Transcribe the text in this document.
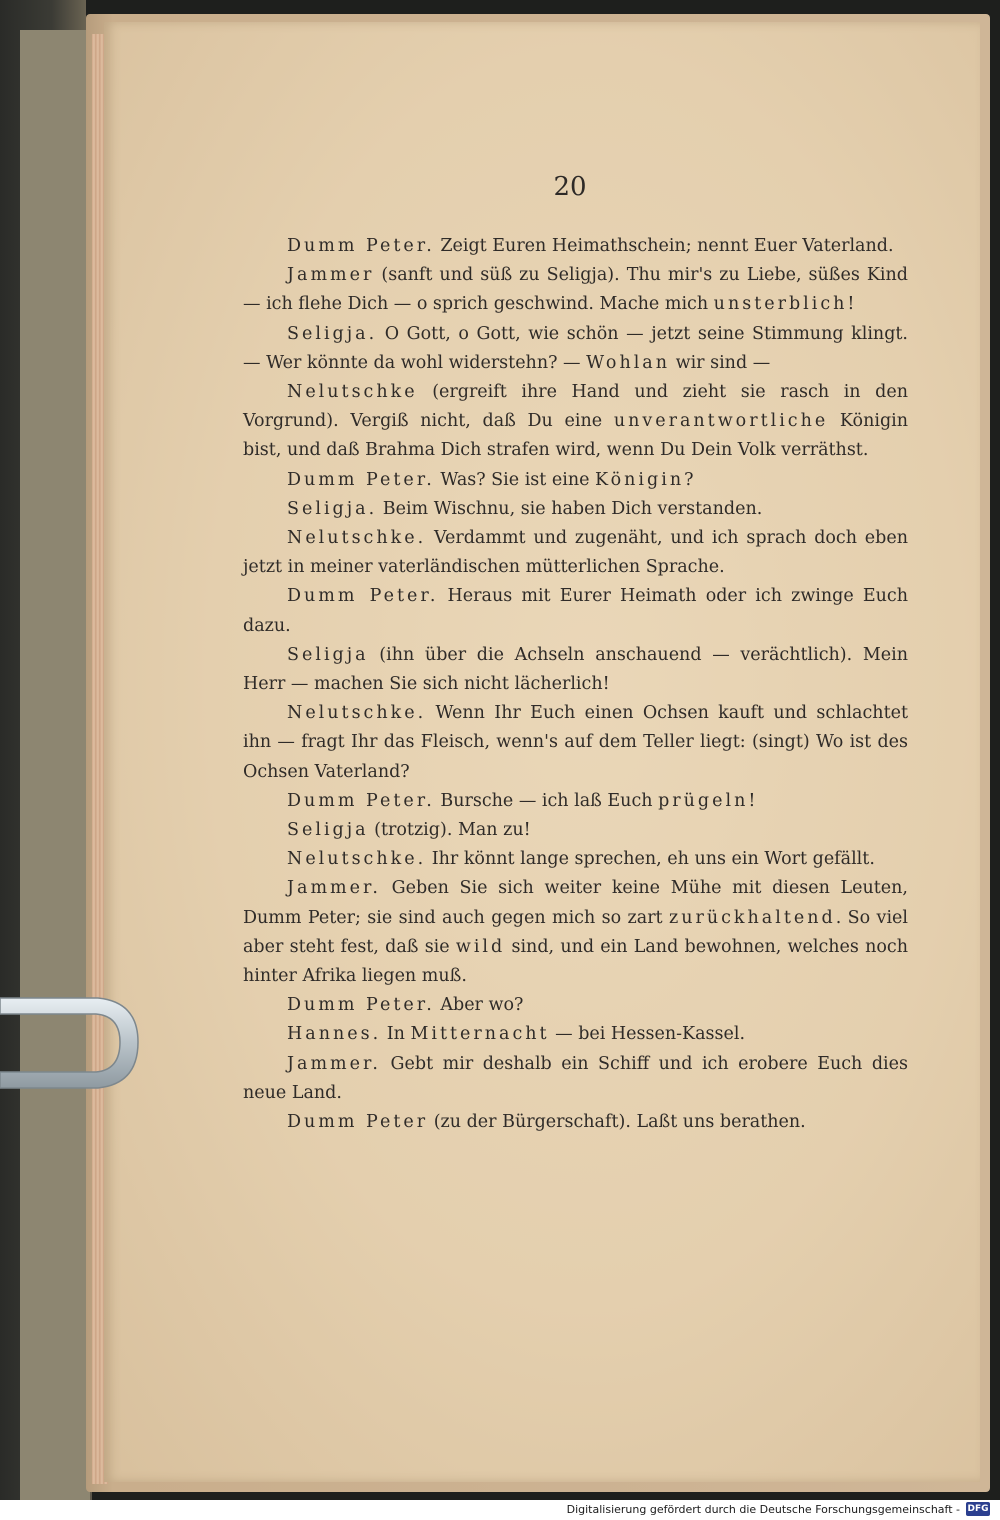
20

Dumm Peter. Zeigt Euren Heimathschein; nennt Euer Vaterland.

Jammer (sanft und süß zu Seligja). Thu mir's zu Liebe, süßes Kind — ich flehe Dich — o sprich geschwind. Mache mich unsterblich!

Seligja. O Gott, o Gott, wie schön — jetzt seine Stimmung klingt. — Wer könnte da wohl widerstehn? — Wohlan wir sind —

Nelutschke (ergreift ihre Hand und zieht sie rasch in den Vorgrund). Vergiß nicht, daß Du eine unverantwortliche Königin bist, und daß Brahma Dich strafen wird, wenn Du Dein Volk verräthst.

Dumm Peter. Was? Sie ist eine Königin?

Seligja. Beim Wischnu, sie haben Dich verstanden.

Nelutschke. Verdammt und zugenäht, und ich sprach doch eben jetzt in meiner vaterländischen mütterlichen Sprache.

Dumm Peter. Heraus mit Eurer Heimath oder ich zwinge Euch dazu.

Seligja (ihn über die Achseln anschauend — verächtlich). Mein Herr — machen Sie sich nicht lächerlich!

Nelutschke. Wenn Ihr Euch einen Ochsen kauft und schlachtet ihn — fragt Ihr das Fleisch, wenn's auf dem Teller liegt: (singt) Wo ist des Ochsen Vaterland?

Dumm Peter. Bursche — ich laß Euch prügeln!

Seligja (trotzig). Man zu!

Nelutschke. Ihr könnt lange sprechen, eh uns ein Wort gefällt.

Jammer. Geben Sie sich weiter keine Mühe mit diesen Leuten, Dumm Peter; sie sind auch gegen mich so zart zurückhaltend. So viel aber steht fest, daß sie wild sind, und ein Land bewohnen, welches noch hinter Afrika liegen muß.

Dumm Peter. Aber wo?

Hannes. In Mitternacht — bei Hessen-Kassel.

Jammer. Gebt mir deshalb ein Schiff und ich erobere Euch dies neue Land.

Dumm Peter (zu der Bürgerschaft). Laßt uns berathen.

Digitalisierung gefördert durch die Deutsche Forschungsgemeinschaft - DFG
